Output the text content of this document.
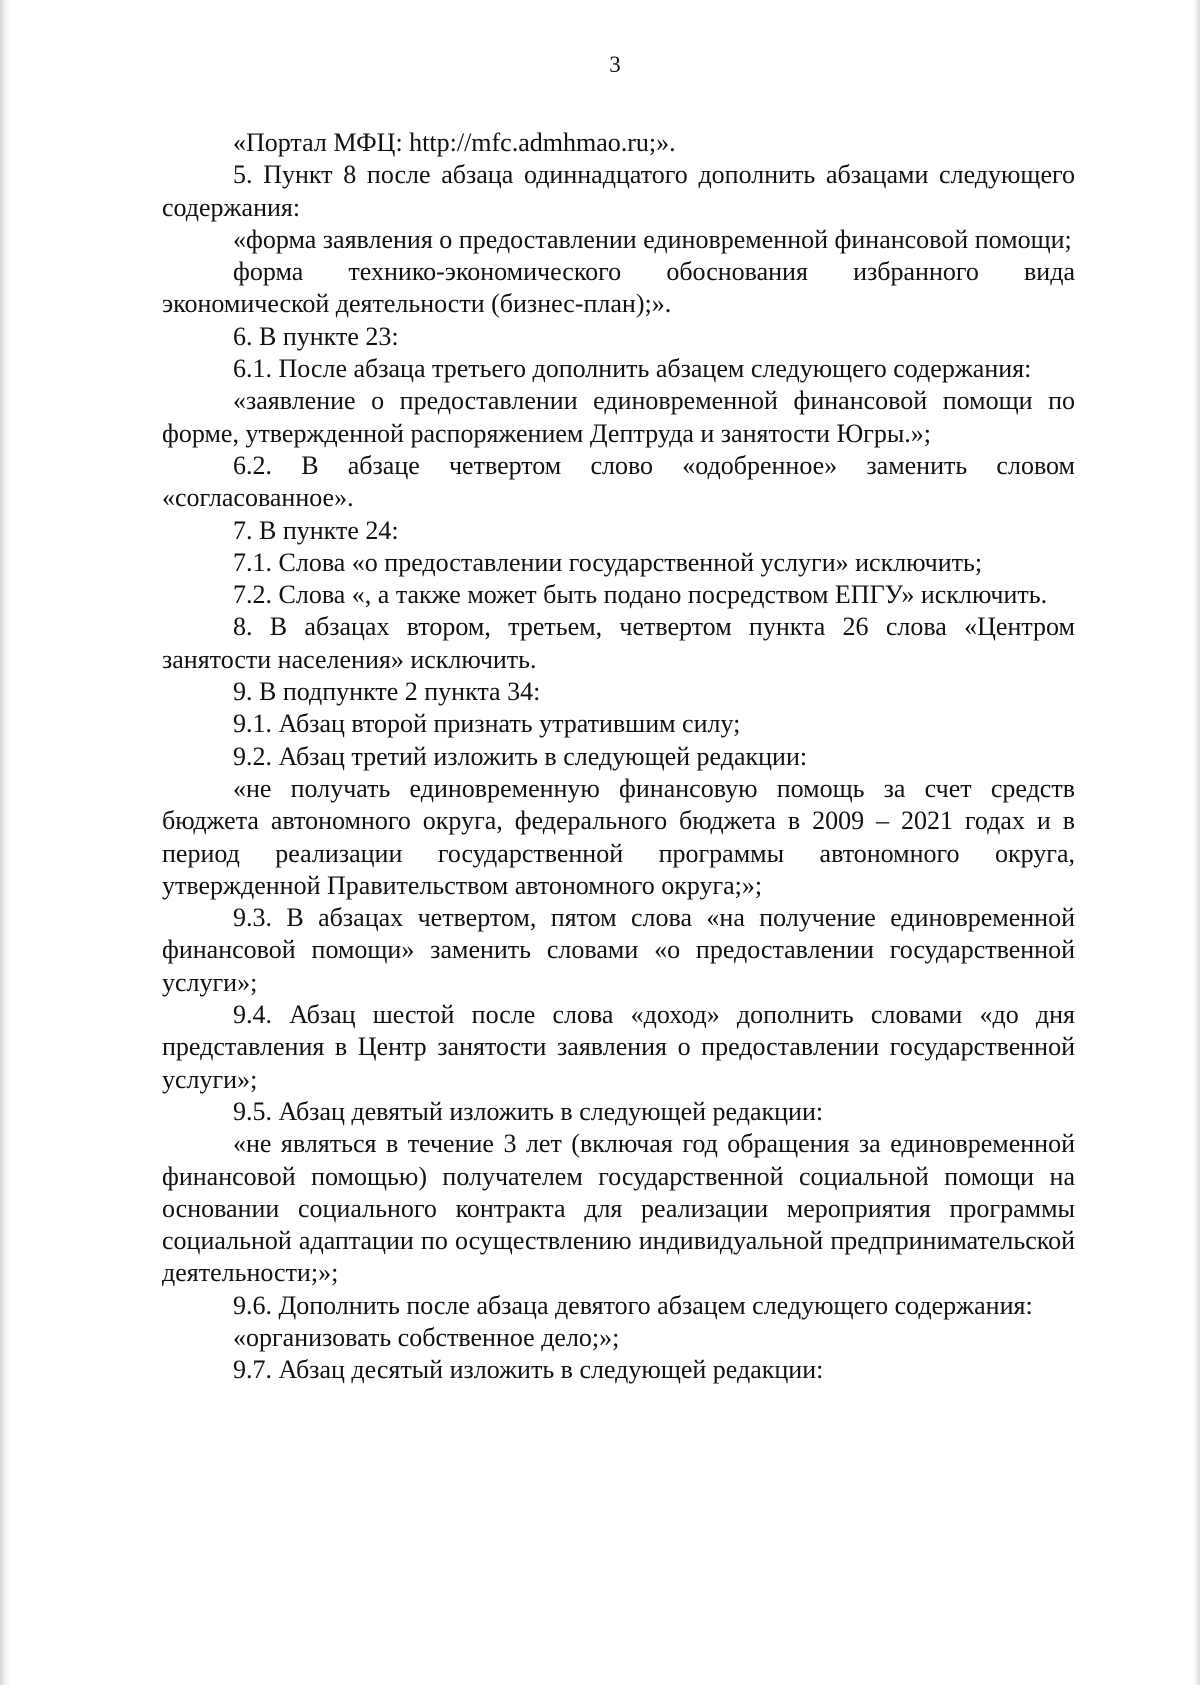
3

«Портал МФЦ: http://mfc.admhmao.ru;».

5. Пункт 8 после абзаца одиннадцатого дополнить абзацами следующего содержания:

«форма заявления о предоставлении единовременной финансовой помощи;

форма технико-экономического обоснования избранного вида экономической деятельности (бизнес-план);».

6. В пункте 23:

6.1. После абзаца третьего дополнить абзацем следующего содержания:

«заявление о предоставлении единовременной финансовой помощи по форме, утвержденной распоряжением Дептруда и занятости Югры.»;

6.2. В абзаце четвертом слово «одобренное» заменить словом «согласованное».

7. В пункте 24:

7.1. Слова «о предоставлении государственной услуги» исключить;

7.2. Слова «, а также может быть подано посредством ЕПГУ» исключить.

8. В абзацах втором, третьем, четвертом пункта 26 слова «Центром занятости населения» исключить.

9. В подпункте 2 пункта 34:

9.1. Абзац второй признать утратившим силу;

9.2. Абзац третий изложить в следующей редакции:

«не получать единовременную финансовую помощь за счет средств бюджета автономного округа, федерального бюджета в 2009 – 2021 годах и в период реализации государственной программы автономного округа, утвержденной Правительством автономного округа;»;

9.3. В абзацах четвертом, пятом слова «на получение единовременной финансовой помощи» заменить словами «о предоставлении государственной услуги»;

9.4. Абзац шестой после слова «доход» дополнить словами «до дня представления в Центр занятости заявления о предоставлении государственной услуги»;

9.5. Абзац девятый изложить в следующей редакции:

«не являться в течение 3 лет (включая год обращения за единовременной финансовой помощью) получателем государственной социальной помощи на основании социального контракта для реализации мероприятия программы социальной адаптации по осуществлению индивидуальной предпринимательской деятельности;»;

9.6. Дополнить после абзаца девятого абзацем следующего содержания:

«организовать собственное дело;»;

9.7. Абзац десятый изложить в следующей редакции:
